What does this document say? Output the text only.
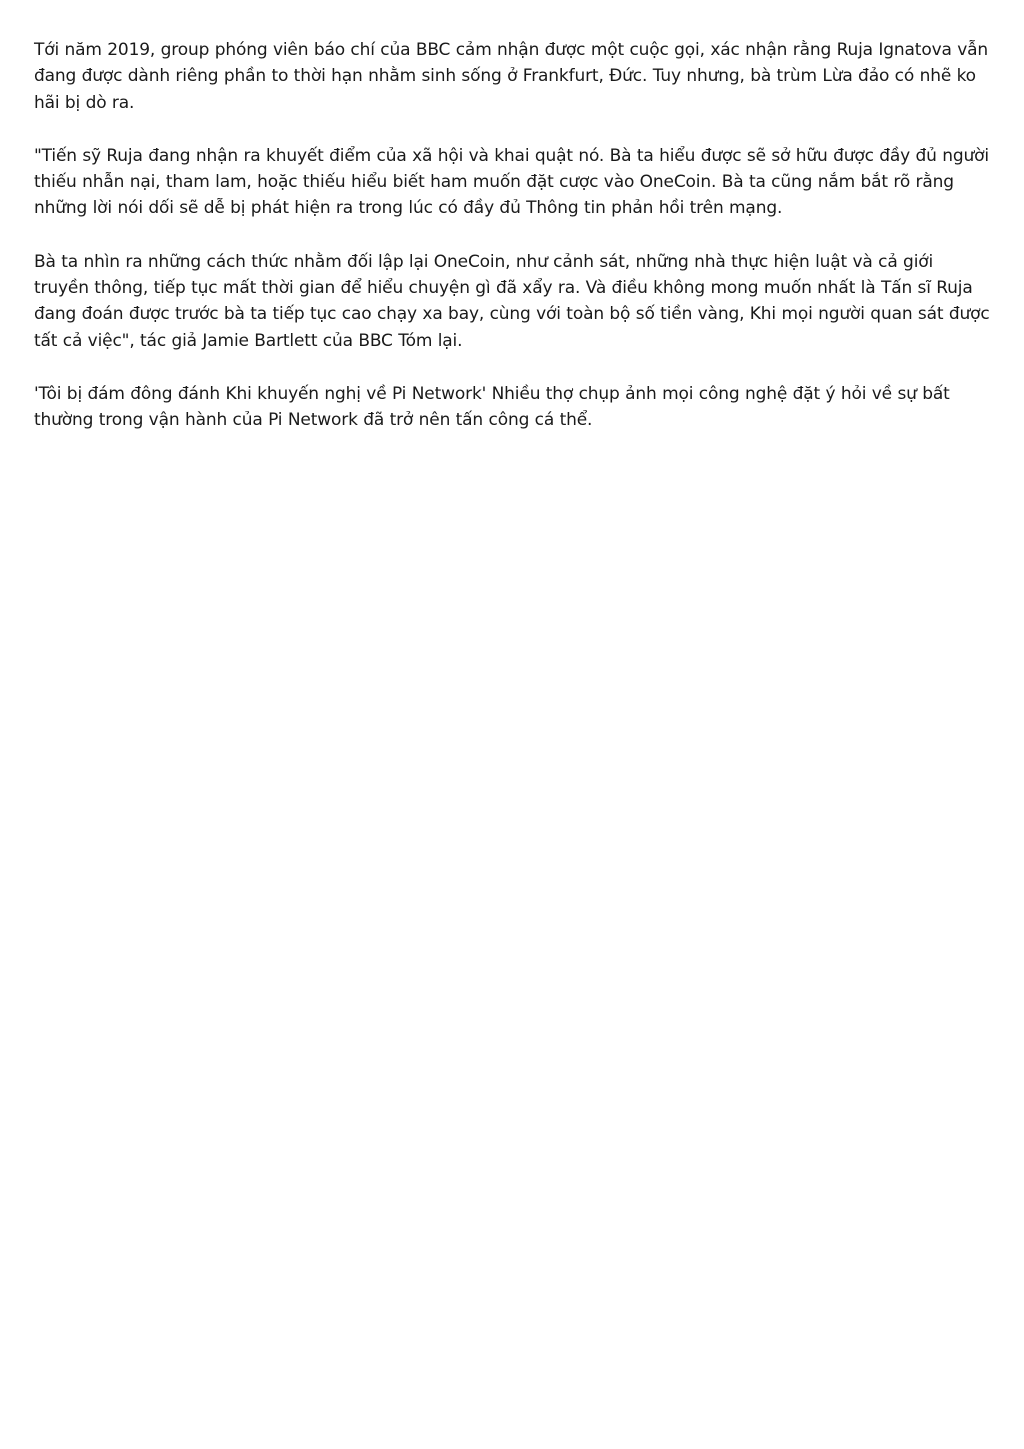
Tới năm 2019, group phóng viên báo chí của BBC cảm nhận được một cuộc gọi, xác nhận rằng Ruja Ignatova vẫn đang được dành riêng phần to thời hạn nhằm sinh sống ở Frankfurt, Đức. Tuy nhưng, bà trùm Lừa đảo có nhẽ ko hãi bị dò ra.

"Tiến sỹ Ruja đang nhận ra khuyết điểm của xã hội và khai quật nó. Bà ta hiểu được sẽ sở hữu được đầy đủ người thiếu nhẫn nại, tham lam, hoặc thiếu hiểu biết ham muốn đặt cược vào OneCoin. Bà ta cũng nắm bắt rõ rằng những lời nói dối sẽ dễ bị phát hiện ra trong lúc có đầy đủ Thông tin phản hồi trên mạng.

Bà ta nhìn ra những cách thức nhằm đối lập lại OneCoin, như cảnh sát, những nhà thực hiện luật và cả giới truyền thông, tiếp tục mất thời gian để hiểu chuyện gì đã xẩy ra. Và điều không mong muốn nhất là Tấn sĩ Ruja đang đoán được trước bà ta tiếp tục cao chạy xa bay, cùng với toàn bộ số tiền vàng, Khi mọi người quan sát được tất cả việc", tác giả Jamie Bartlett của BBC Tóm lại.

'Tôi bị đám đông đánh Khi khuyến nghị về Pi Network' Nhiều thợ chụp ảnh mọi công nghệ đặt ý hỏi về sự bất thường trong vận hành của Pi Network đã trở nên tấn công cá thể.
